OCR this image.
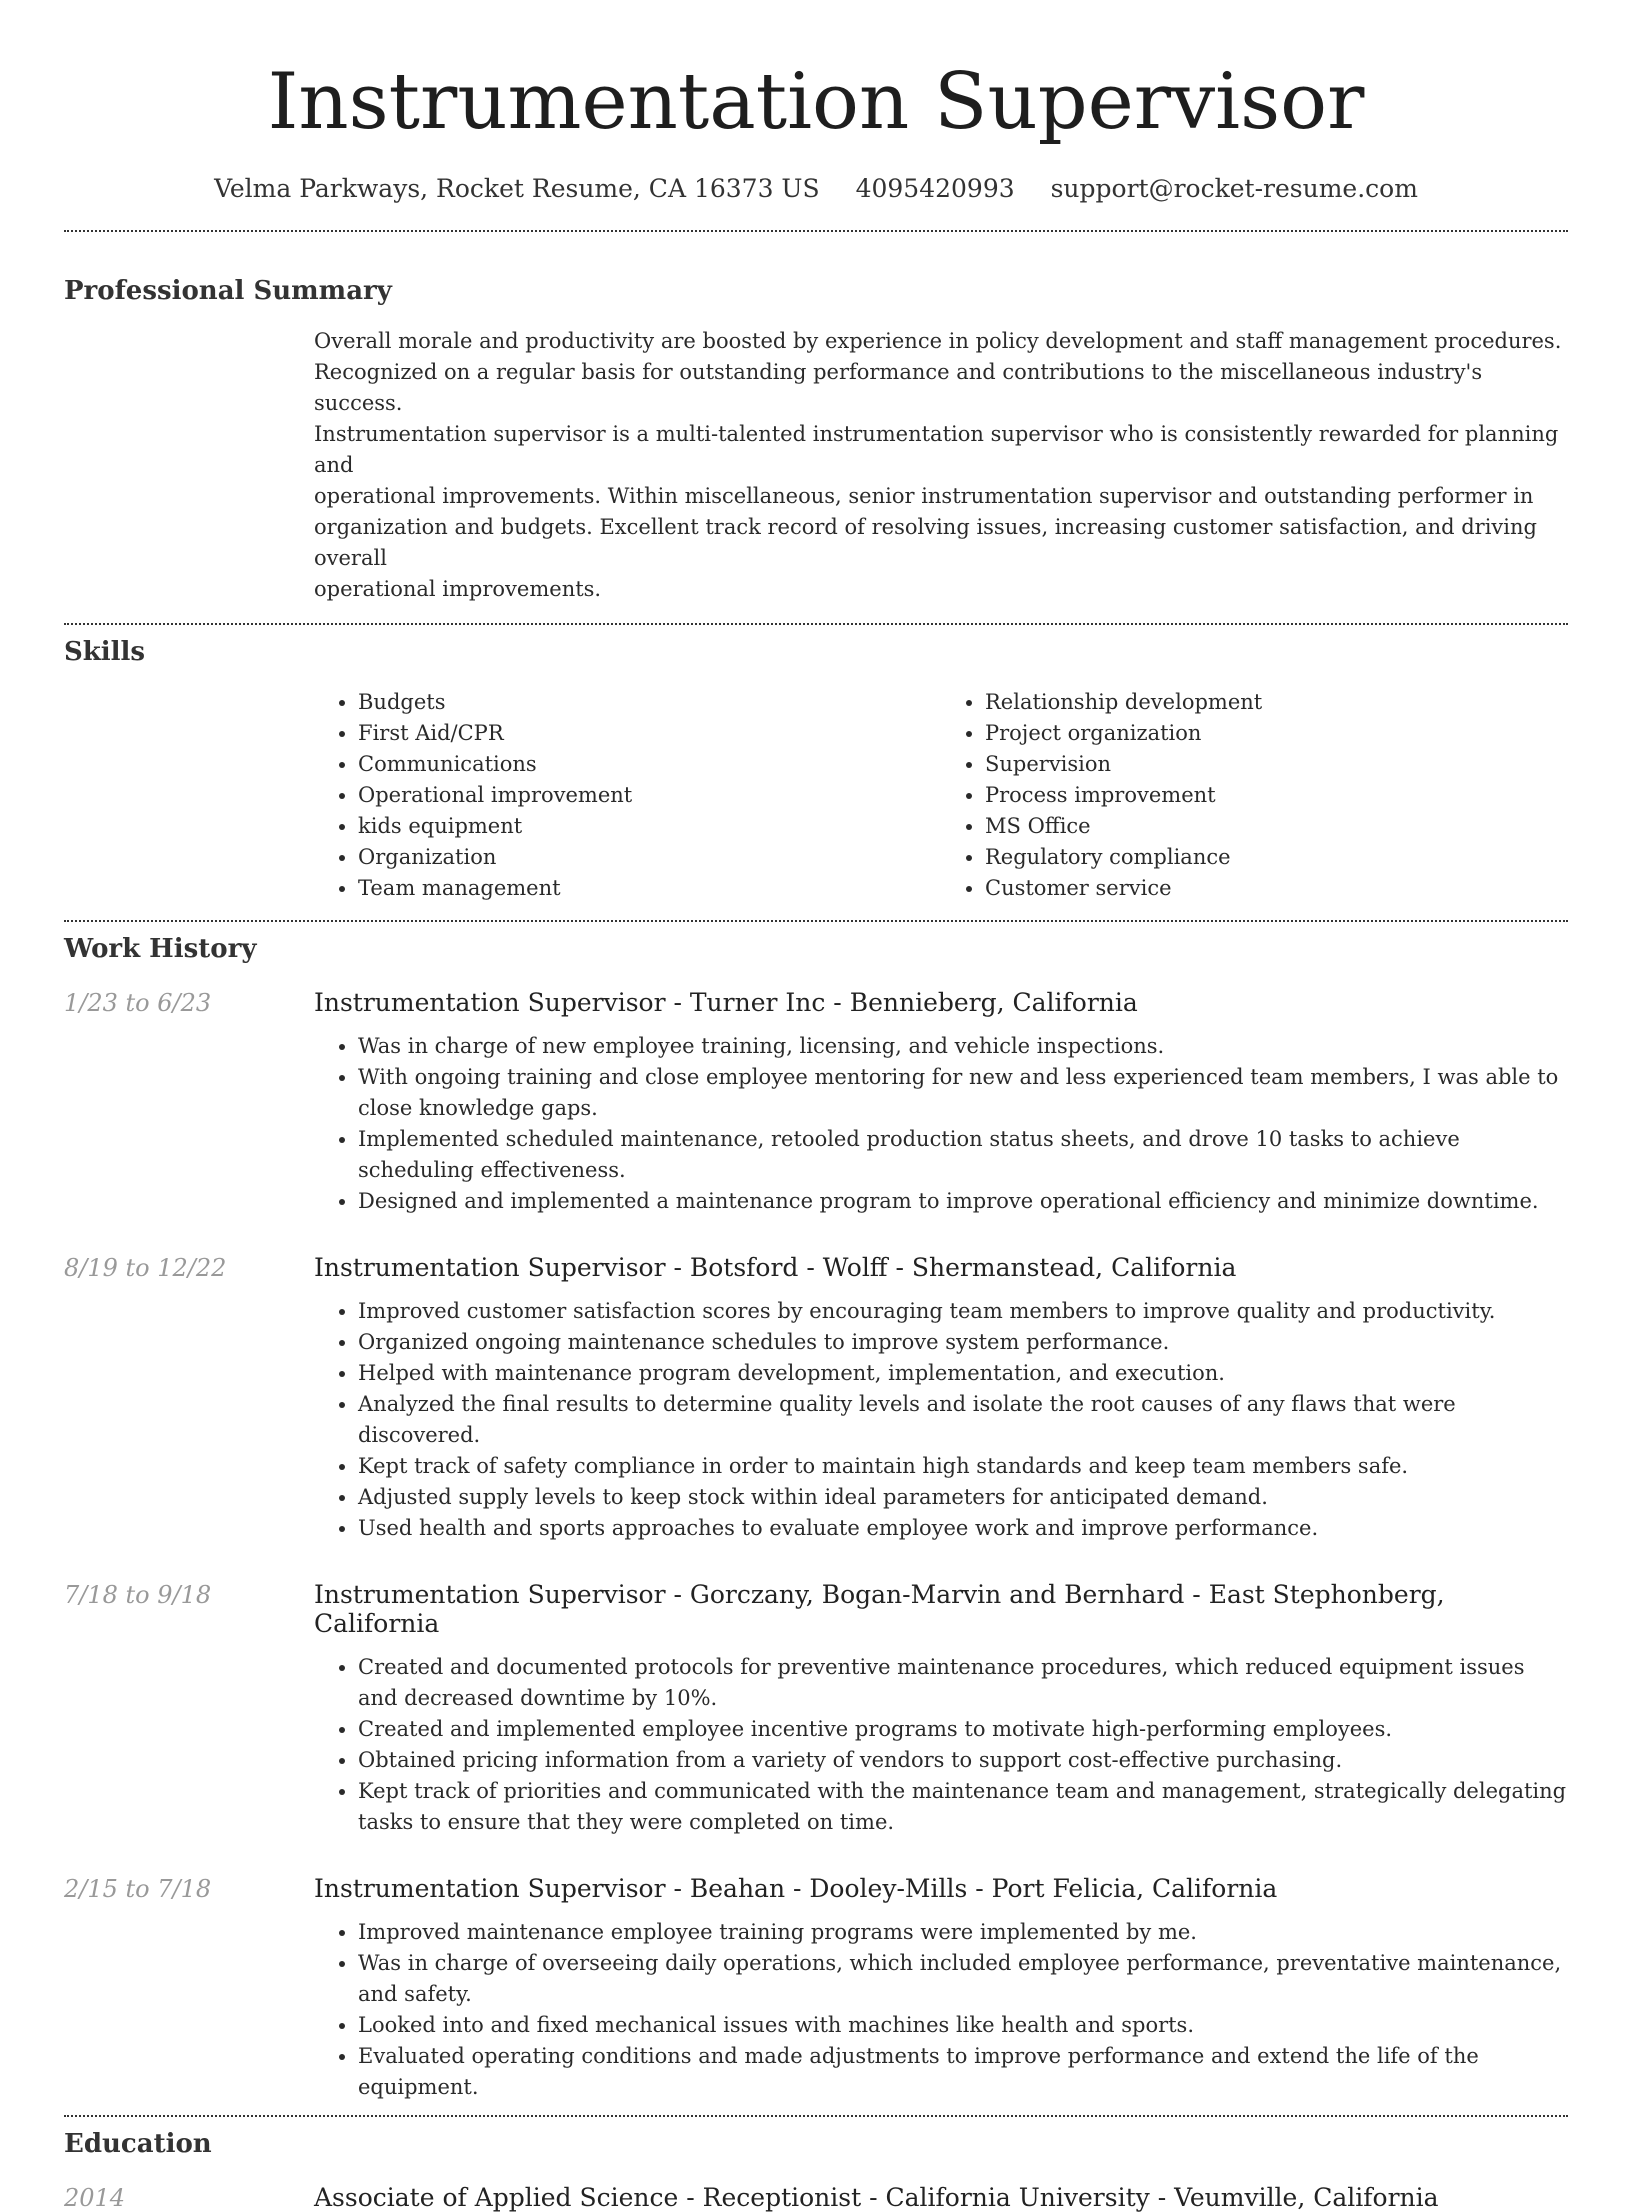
Instrumentation Supervisor
Velma Parkways, Rocket Resume, CA 16373 US 4095420993 support@rocket-resume.com
Professional Summary

Overall morale and productivity are boosted by experience in policy development and staff management procedures.

Recognized on a regular basis for outstanding performance and contributions to the miscellaneous industry's success.

Instrumentation supervisor is a multi-talented instrumentation supervisor who is consistently rewarded for planning and

operational improvements. Within miscellaneous, senior instrumentation supervisor and outstanding performer in

organization and budgets. Excellent track record of resolving issues, increasing customer satisfaction, and driving overall

operational improvements.

Skills
• Budgets
• First Aid/CPR
• Communications
• Operational improvement
• kids equipment
• Organization
• Team management
• Relationship development
• Project organization
• Supervision
• Process improvement
• MS Office
• Regulatory compliance
• Customer service
Work History
1/23 to 6/23	Instrumentation Supervisor - Turner Inc - Bennieberg, California
• Was in charge of new employee training, licensing, and vehicle inspections.
• With ongoing training and close employee mentoring for new and less experienced team members, I was able to close knowledge gaps.
• Implemented scheduled maintenance, retooled production status sheets, and drove 10 tasks to achieve scheduling effectiveness.
• Designed and implemented a maintenance program to improve operational efficiency and minimize downtime.
8/19 to 12/22	Instrumentation Supervisor - Botsford - Wolff - Shermanstead, California
• Improved customer satisfaction scores by encouraging team members to improve quality and productivity.
• Organized ongoing maintenance schedules to improve system performance.
• Helped with maintenance program development, implementation, and execution.
• Analyzed the final results to determine quality levels and isolate the root causes of any flaws that were discovered.
• Kept track of safety compliance in order to maintain high standards and keep team members safe.
• Adjusted supply levels to keep stock within ideal parameters for anticipated demand.
• Used health and sports approaches to evaluate employee work and improve performance.
7/18 to 9/18	Instrumentation Supervisor - Gorczany, Bogan-Marvin and Bernhard - East Stephonberg, California
• Created and documented protocols for preventive maintenance procedures, which reduced equipment issues and decreased downtime by 10%.
• Created and implemented employee incentive programs to motivate high-performing employees.
• Obtained pricing information from a variety of vendors to support cost-effective purchasing.
• Kept track of priorities and communicated with the maintenance team and management, strategically delegating tasks to ensure that they were completed on time.
2/15 to 7/18	Instrumentation Supervisor - Beahan - Dooley-Mills - Port Felicia, California
• Improved maintenance employee training programs were implemented by me.
• Was in charge of overseeing daily operations, which included employee performance, preventative maintenance, and safety.
• Looked into and fixed mechanical issues with machines like health and sports.
• Evaluated operating conditions and made adjustments to improve performance and extend the life of the equipment.
Education
2014	Associate of Applied Science - Receptionist - California University - Veumville, California
